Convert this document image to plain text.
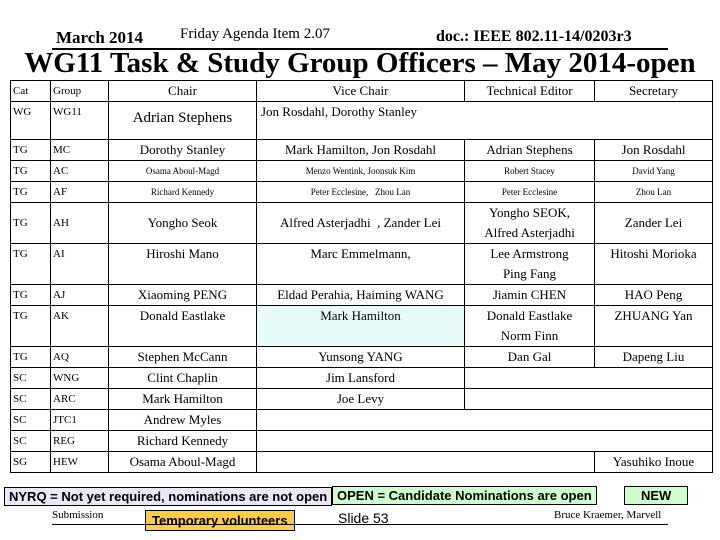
March 2014 Friday Agenda Item 2.07	doc.: IEEE 802.11-14/0203r3
WG11 Task & Study Group Officers – May 2014-open
Cat	Group	Chair	Vice Chair	Technical Editor	Secretary
WG	WG11	Adrian Stephens	Jon Rosdahl, Dorothy Stanley		
TG	MC	Dorothy Stanley	Mark Hamilton, Jon Rosdahl	Adrian Stephens	Jon Rosdahl
TG	AC	Osama Aboul-Magd	Menzo Wentink, Joonsuk Kim	Robert Stacey	David Yang
TG	AF	Richard Kennedy	Peter Ecclesine,   Zhou Lan	Peter Ecclesine	Zhou Lan
TG	AH	Yongho Seok	Alfred Asterjadhi  , Zander Lei	Yongho SEOK,
Alfred Asterjadhi	Zander Lei
TG	AI	Hiroshi Mano	Marc Emmelmann,	Lee Armstrong
Ping Fang	Hitoshi Morioka
TG	AJ	Xiaoming PENG	Eldad Perahia, Haiming WANG	Jiamin CHEN	HAO Peng
TG	AK	Donald Eastlake	Mark Hamilton	Donald Eastlake
Norm Finn	ZHUANG Yan
TG	AQ	Stephen McCann	Yunsong YANG	Dan Gal	Dapeng Liu
SC	WNG	Clint Chaplin	Jim Lansford		
SC	ARC	Mark Hamilton	Joe Levy		
SC	JTC1	Andrew Myles			
SC	REG	Richard Kennedy			
SG	HEW	Osama Aboul-Magd			Yasuhiko Inoue
NYRQ = Not yet required, nominations are not open OPEN = Candidate Nominations are open	NEW
Submission	Temporary volunteers	Slide 53	Bruce Kraemer, Marvell
